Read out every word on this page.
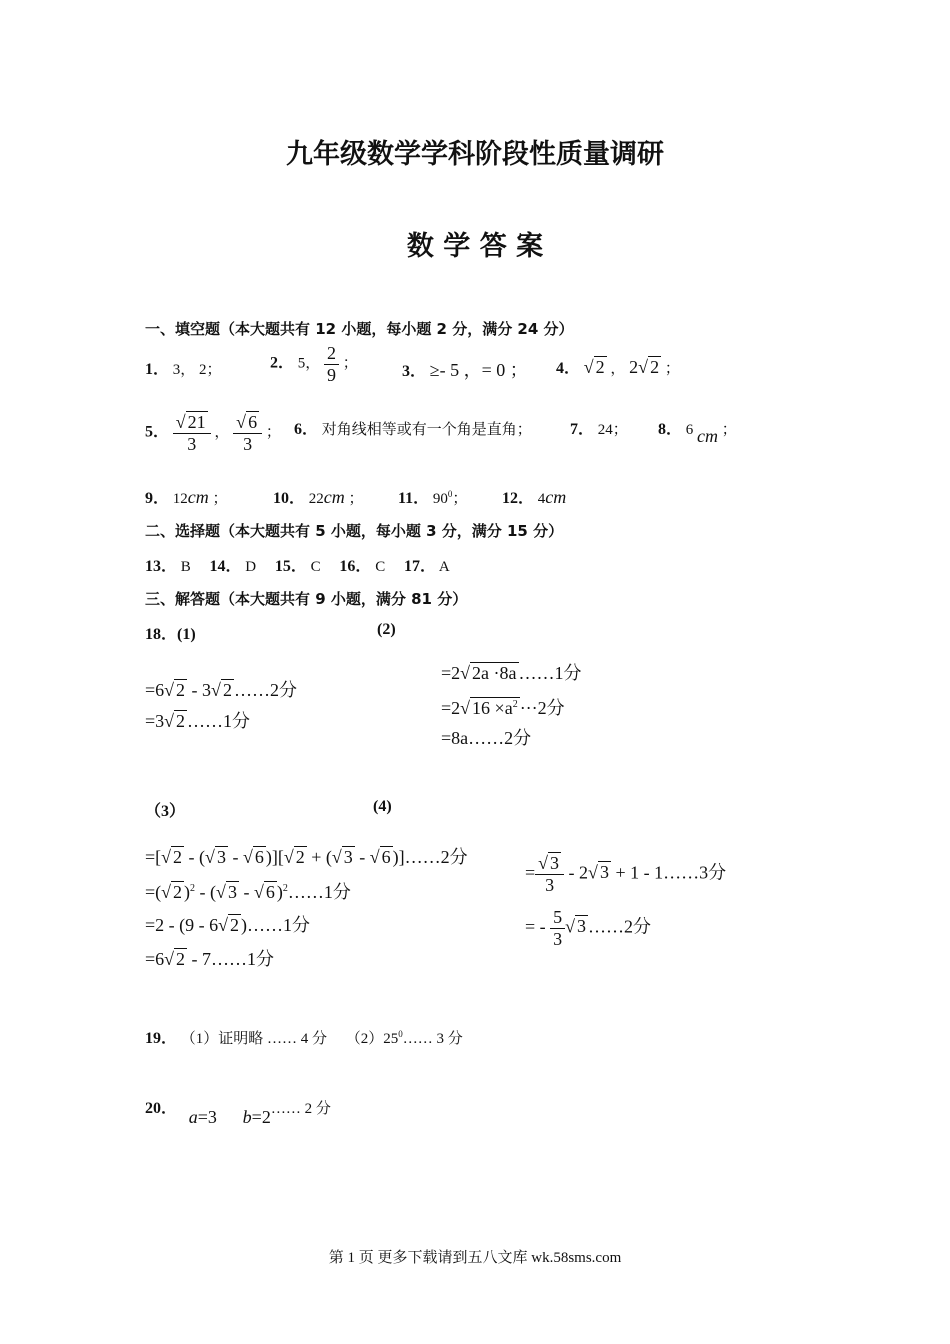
九年级数学学科阶段性质量调研
数 学 答 案
一、填空题（本大题共有 12 小题，每小题 2 分，满分 24 分）
1． 3， 2；	2． 5， $\frac{2}{9}$ ；	3． ≥- 5 ，= 0 ； 4． √ 2 ， 2√ 2 ；
5． $\frac{√ 21}{3}$ ， $\frac{√ 6}{3}$ ； 6． 对角线相等或有一个角是直角； 7． 24； 8． 6 cm ；
9． 12cm ；	10． 22cm ； 11． $90^0$； 12． 4cm
二、选择题（本大题共有 5 小题，每小题 3 分，满分 15 分）
13． B 14． D 15． C 16． C 17． A
三、解答题（本大题共有 9 小题，满分 81 分）
18．(1)	(2)
=6√ 2 - 3√ 2 ……2分
=3√ 2 ……1分
=2√ 2a ·8a ……1分
=2√ $16 \times a^2 \cdot\cdot\cdot 2$分
=8a……2分
（3）	(4)
=[√ 2 - (√ 3 - √ 6 )][√ 2 + (√ 3 - √ 6 )]……2分
=(√ 2 )$^2$ - (√ 3 - √ 6 )$^2$……1分
=2 - (9 - 6√ 2 )……1分
=6√ 2 - 7……1分
= $\frac{√ 3}{3} - 2√$ 3 + 1 - 1……3分
= - $\frac{5}{3}$ √ 3 ……2分
19． （1）证明略 …… 4 分 $(2)25^0\dots\dots$ 3 分
20． a=3 b=2…… 2 分
第 1 页 更多下载请到五八文库 wk.58sms.com
